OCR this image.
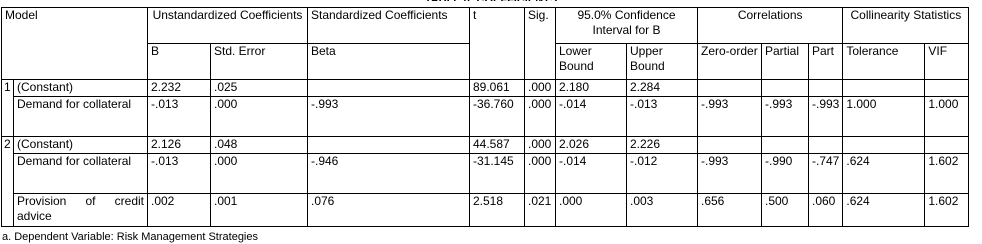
Model		Unstandardized Coefficients		Standardized Coefficients	t	Sig.	95.0% Confidence Interval for B		Correlations			Collinearity Statistics	

		B	Std. Error	Beta			Lower Bound	Upper Bound	Zero-order	Partial	Part	Tolerance	VIF
1	(Constant)	2.232	.025		89.061	.000	2.180	2.284					
	Demand for collateral	-.013	.000	-.993	-36.760	.000	-.014	-.013	-.993	-.993	-.993	1.000	1.000
2	(Constant)	2.126	.048		44.587	.000	2.026	2.226					
	Demand for collateral	-.013	.000	-.946	-31.145	.000	-.014	-.012	-.993	-.990	-.747	.624	1.602
	Provision of credit advice	.002	.001	.076	2.518	.021	.000	.003	.656	.500	.060	.624	1.602
a. Dependent Variable: Risk Management Strategies
